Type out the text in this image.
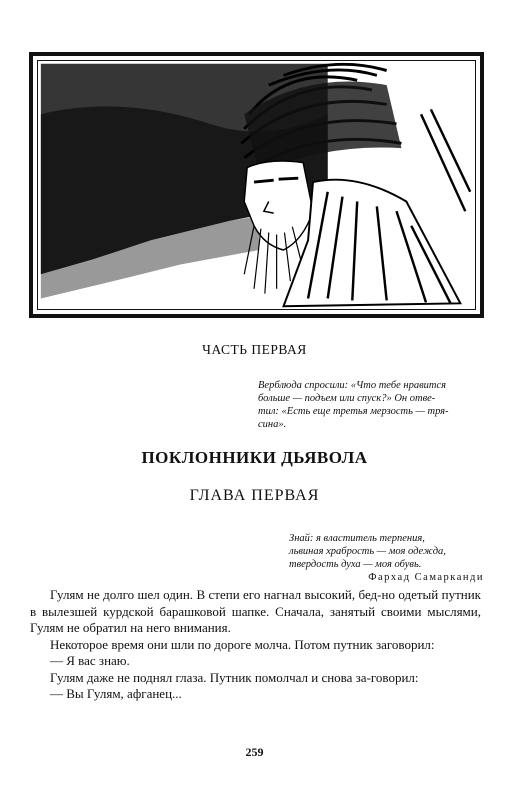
ЧАСТЬ ПЕРВАЯ
Верблюда спросили: «Что тебе нравится
больше — подъем или спуск?» Он отве-
тил: «Есть еще третья мерзость — тря-
сина».
ПОКЛОННИКИ ДЬЯВОЛА
ГЛАВА ПЕРВАЯ
Знай: я властитель терпения,
львиная храбрость — моя одежда,
твердость духа — моя обувь.
Фархад Самарканди

Гулям не долго шел один. В степи его нагнал высокий, бед-но одетый путник в вылезшей курдской барашковой шапке. Сначала, занятый своими мыслями, Гулям не обратил на него внимания.

Некоторое время они шли по дороге молча. Потом путник заговорил:

— Я вас знаю.

Гулям даже не поднял глаза. Путник помолчал и снова за-говорил:

— Вы Гулям, афганец...

259
